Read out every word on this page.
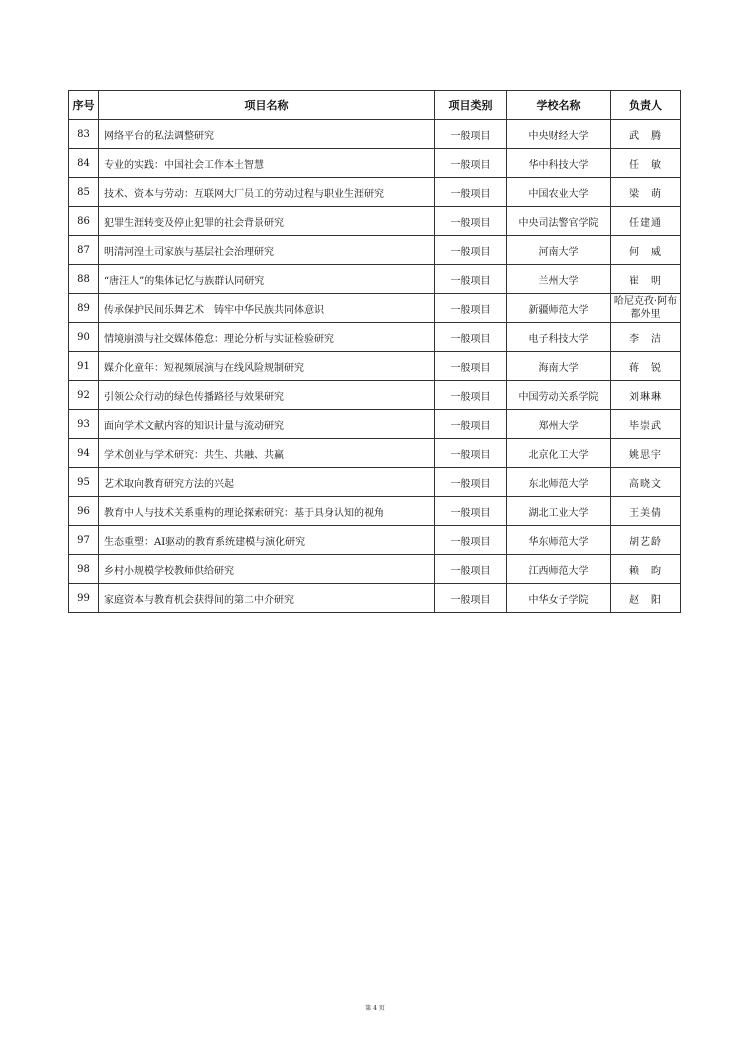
序号	项目名称	项目类别	学校名称	负责人
83	网络平台的私法调整研究	一般项目	中央财经大学	武　腾
84	专业的实践：中国社会工作本土智慧	一般项目	华中科技大学	任　敏
85	技术、资本与劳动：互联网大厂员工的劳动过程与职业生涯研究	一般项目	中国农业大学	梁　萌
86	犯罪生涯转变及停止犯罪的社会背景研究	一般项目	中央司法警官学院	任建通
87	明清河湟土司家族与基层社会治理研究	一般项目	河南大学	何　威
88	“唐汪人”的集体记忆与族群认同研究	一般项目	兰州大学	崔　明
89	传承保护民间乐舞艺术　铸牢中华民族共同体意识	一般项目	新疆师范大学	哈尼克孜·阿布都外里
90	情境崩溃与社交媒体倦怠：理论分析与实证检验研究	一般项目	电子科技大学	李　洁
91	媒介化童年：短视频展演与在线风险规制研究	一般项目	海南大学	蒋　锐
92	引领公众行动的绿色传播路径与效果研究	一般项目	中国劳动关系学院	刘琳琳
93	面向学术文献内容的知识计量与流动研究	一般项目	郑州大学	毕崇武
94	学术创业与学术研究：共生、共融、共赢	一般项目	北京化工大学	姚思宇
95	艺术取向教育研究方法的兴起	一般项目	东北师范大学	高晓文
96	教育中人与技术关系重构的理论探索研究：基于具身认知的视角	一般项目	湖北工业大学	王美倩
97	生态重塑：AI驱动的教育系统建模与演化研究	一般项目	华东师范大学	胡艺龄
98	乡村小规模学校教师供给研究	一般项目	江西师范大学	赖　昀
99	家庭资本与教育机会获得间的第二中介研究	一般项目	中华女子学院	赵　阳
第 4 页
